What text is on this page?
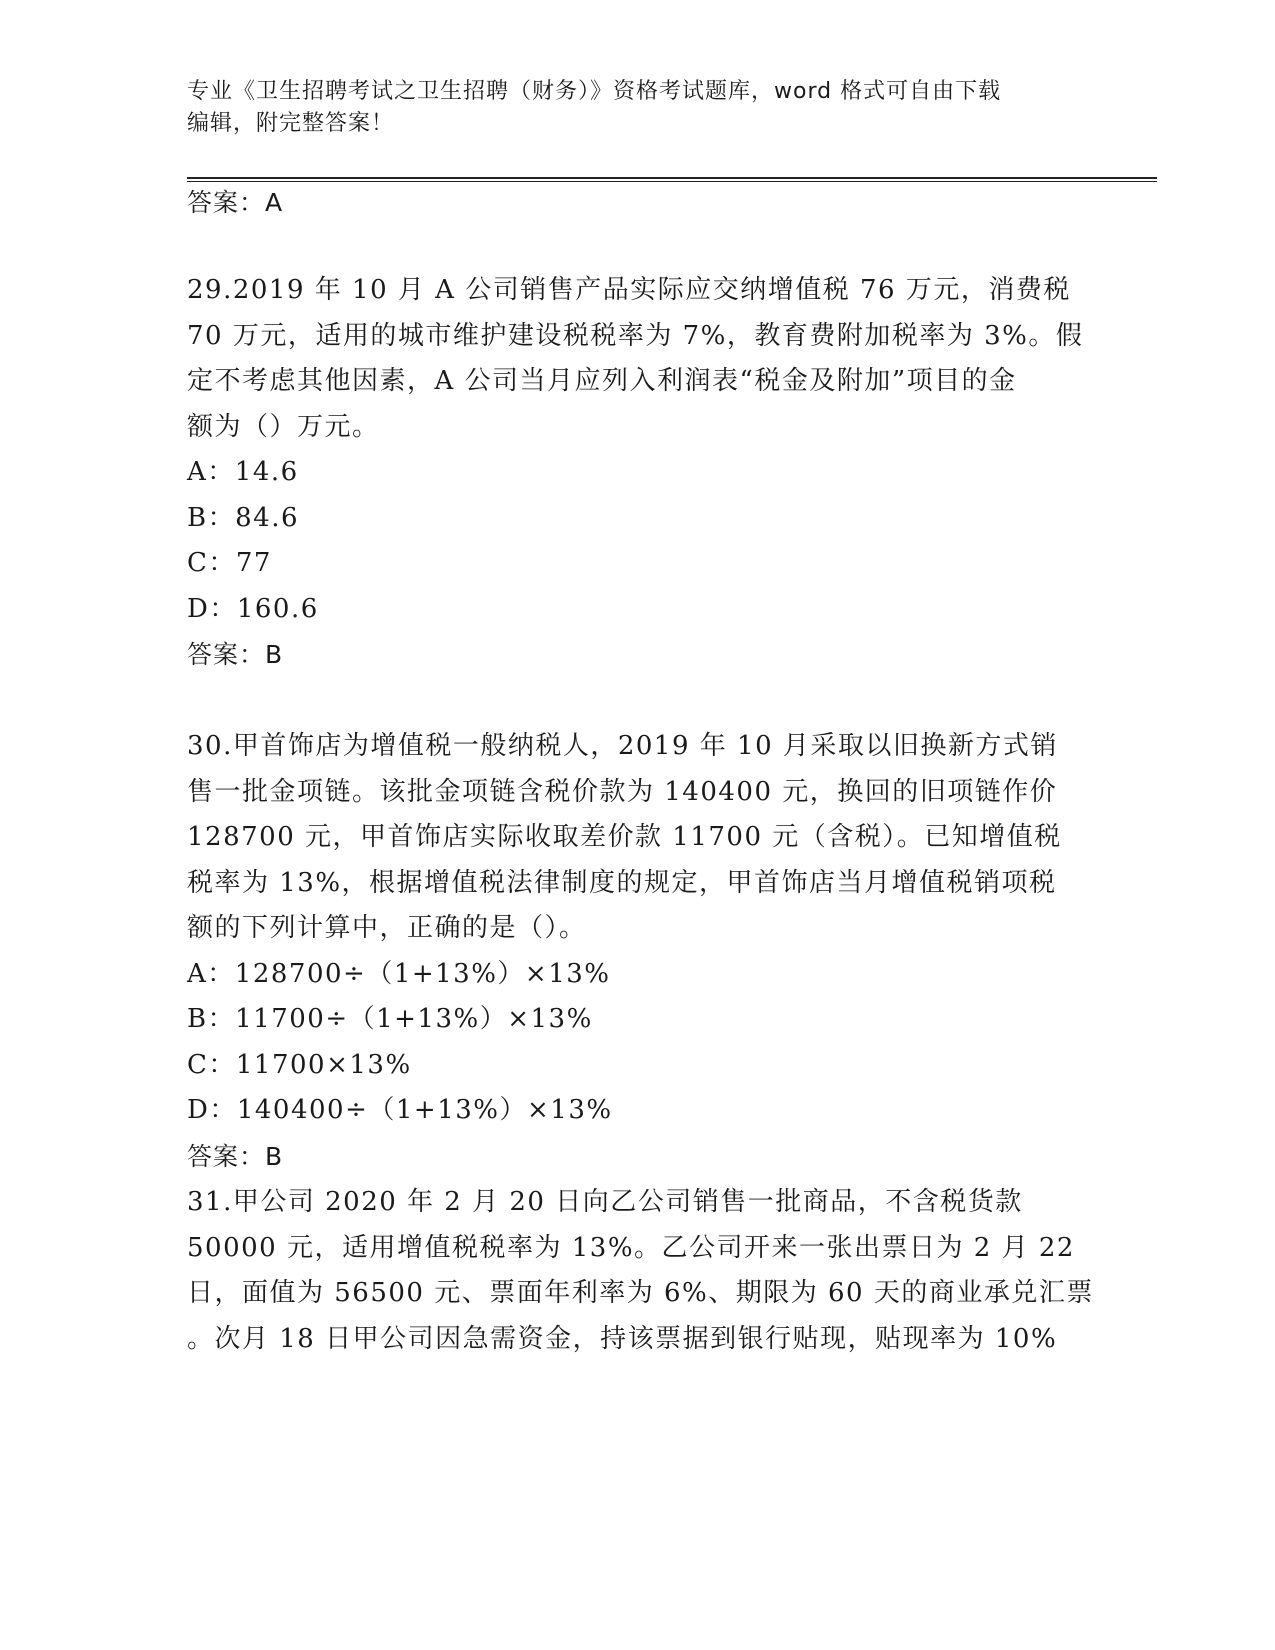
专业《卫生招聘考试之卫生招聘（财务）》资格考试题库，word 格式可自由下载
编辑，附完整答案！
答案：A
29.2019 年 10 月 A 公司销售产品实际应交纳增值税 76 万元，消费税
70 万元，适用的城市维护建设税税率为 7%，教育费附加税率为 3%。假
定不考虑其他因素，A 公司当月应列入利润表“税金及附加”项目的金
额为（）万元。
A：14.6
B：84.6
C：77
D：160.6
答案：B
30.甲首饰店为增值税一般纳税人，2019 年 10 月采取以旧换新方式销
售一批金项链。该批金项链含税价款为 140400 元，换回的旧项链作价
128700 元，甲首饰店实际收取差价款 11700 元（含税）。已知增值税
税率为 13%，根据增值税法律制度的规定，甲首饰店当月增值税销项税
额的下列计算中，正确的是（）。
A：128700÷（1+13%）×13%
B：11700÷（1+13%）×13%
C：11700×13%
D：140400÷（1+13%）×13%
答案：B
31.甲公司 2020 年 2 月 20 日向乙公司销售一批商品，不含税货款
50000 元，适用增值税税率为 13%。乙公司开来一张出票日为 2 月 22
日，面值为 56500 元、票面年利率为 6%、期限为 60 天的商业承兑汇票
。次月 18 日甲公司因急需资金，持该票据到银行贴现，贴现率为 10%
